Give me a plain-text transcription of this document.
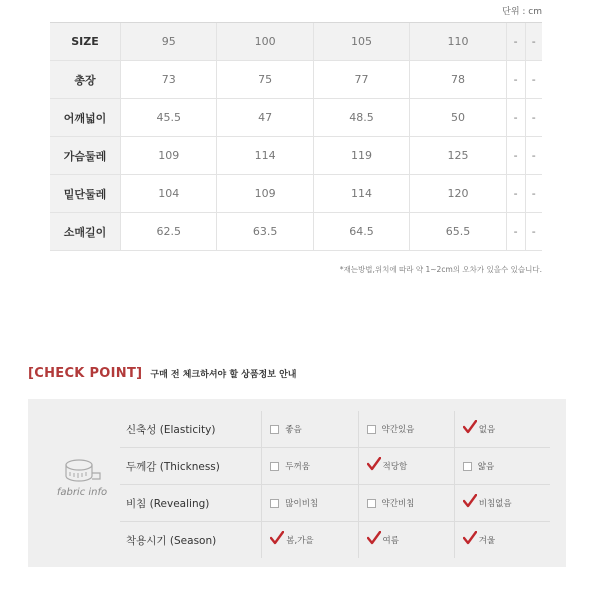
단위 : cm
SIZE	95	100	105	110	-	-
총장	73	75	77	78	-	-
어깨넓이	45.5	47	48.5	50	-	-
가슴둘레	109	114	119	125	-	-
밑단둘레	104	109	114	120	-	-
소매길이	62.5	63.5	64.5	65.5	-	-
*재는방법,위치에 따라 약 1~2cm의 오차가 있을수 있습니다.
[CHECK POINT] 구매 전 체크하셔야 할 상품정보 안내
fabric info
신축성 (Elasticity)	좋음	약간있음	없음
두께감 (Thickness)	두꺼움	적당함	얇음
비침 (Revealing)	많이비침	약간비침	비침없음
착용시기 (Season)	봄,가을	여름	겨울
